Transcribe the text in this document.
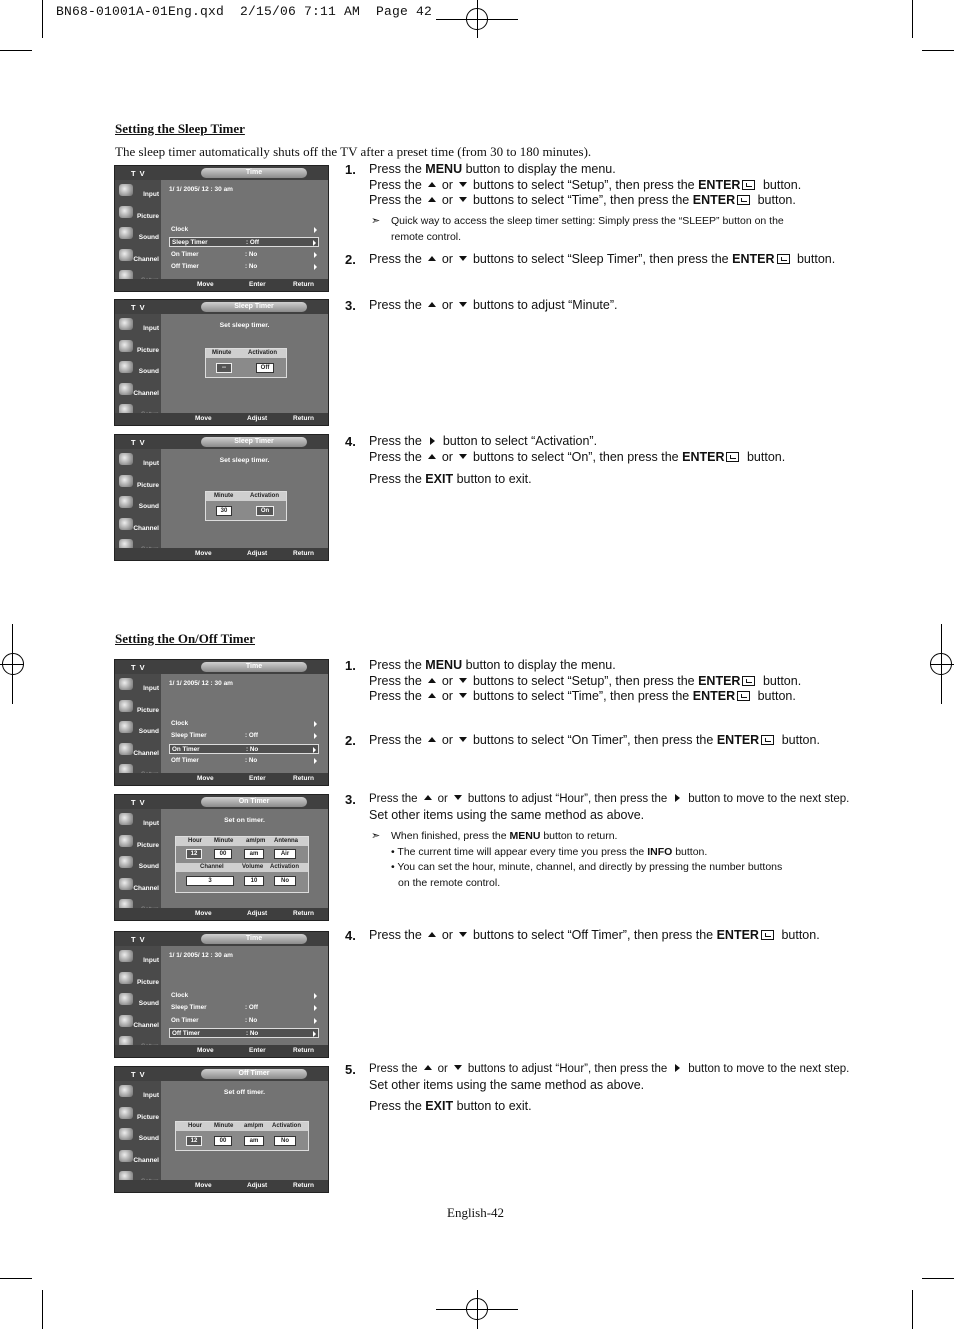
BN68-01001A-01Eng.qxd  2/15/06 7:11 AM  Page 42
Setting the Sleep Timer
The sleep timer automatically shuts off the TV after a preset time (from 30 to 180 minutes).
Setting the On/Off Timer
1. Press the MENU button to display the menu.
Press the or buttons to select “Setup”, then press the ENTER button.
Press the or buttons to select “Time”, then press the ENTER button.
➣ Quick way to access the sleep timer setting: Simply press the “SLEEP” button on the remote control.
2. Press the or buttons to select “Sleep Timer”, then press the ENTER button.
3. Press the or buttons to adjust “Minute”.
4. Press the button to select “Activation”.
Press the or buttons to select “On”, then press the ENTER button.
Press the EXIT button to exit.
1. Press the MENU button to display the menu.
Press the or buttons to select “Setup”, then press the ENTER button.
Press the or buttons to select “Time”, then press the ENTER button.
2. Press the or buttons to select “On Timer”, then press the ENTER button.
3. Press the or buttons to adjust “Hour”, then press the button to move to the next step.
Set other items using the same method as above.
➣ When finished, press the MENU button to return.
• The current time will appear every time you press the INFO button.
• You can set the hour, minute, channel, and directly by pressing the number buttons
on the remote control.
4. Press the or buttons to select “Off Timer”, then press the ENTER button.
5. Press the or buttons to adjust “Hour”, then press the button to move to the next step.
Set other items using the same method as above.
Press the EXIT button to exit.
English-42
T V	Time
Input
Picture
Sound
Channel
1/ 1/ 2005/ 12 : 30 am
Clock
Sleep Timer	: Off
On Timer	: No
Off Timer	: No
Move	Enter	Return
T V	Sleep Timer
Input
Picture
Sound
Channel
Set sleep timer.
Minute	Activation
--	Off
Move	Adjust	Return
T V	Sleep Timer
Input
Picture
Sound
Channel
Set sleep timer.
Minute	Activation
30	On
Move	Adjust	Return
T V	Time
Input
Picture
Sound
Channel
1/ 1/ 2005/ 12 : 30 am
Clock
Sleep Timer	: Off
On Timer	: No
Off Timer	: No
Move	Enter	Return
T V	On Timer
Input
Picture
Sound
Channel
Set on timer.
Hour Minute am/pm Antenna
12	00	am	Air
Channel	Volume Activation
3	10	No
Move	Adjust	Return
T V	Time
Input
Picture
Sound
Channel
1/ 1/ 2005/ 12 : 30 am
Clock
Sleep Timer	: Off
On Timer	: No
Off Timer	: No
Move	Enter	Return
T V	Off Timer
Input
Picture
Sound
Channel
Set off timer.
Hour Minute am/pm Activation
12	00	am	No
Move	Adjust	Return
